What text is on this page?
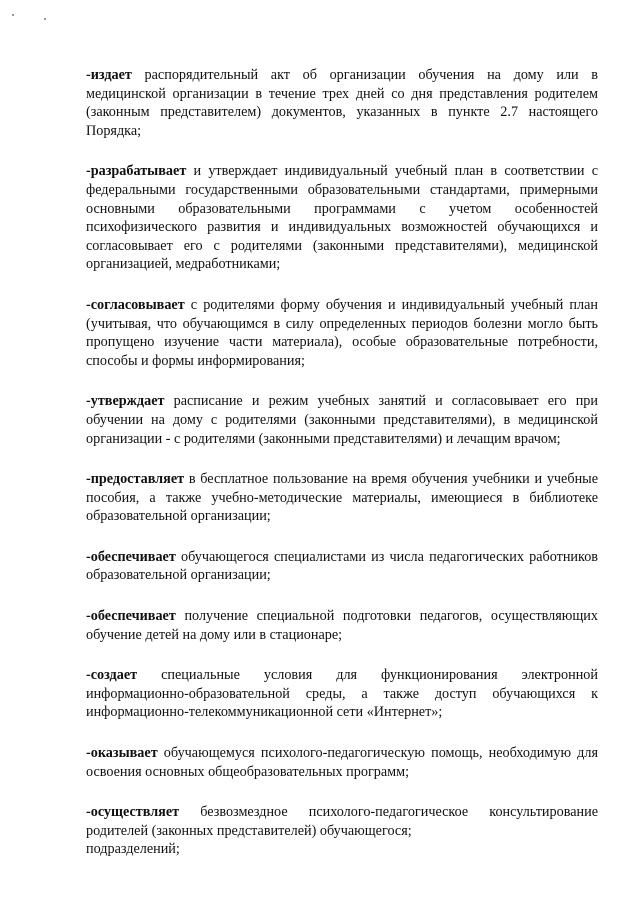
-издает распорядительный акт об организации обучения на дому или в медицинской организации в течение трех дней со дня представления родителем (законным представителем) документов, указанных в пункте 2.7 настоящего Порядка;

-разрабатывает и утверждает индивидуальный учебный план в соответствии с федеральными государственными образовательными стандартами, примерными основными образовательными программами с учетом особенностей психофизического развития и индивидуальных возможностей обучающихся и согласовывает его с родителями (законными представителями), медицинской организацией, медработниками;

-согласовывает с родителями форму обучения и индивидуальный учебный план (учитывая, что обучающимся в силу определенных периодов болезни могло быть пропущено изучение части материала), особые образовательные потребности, способы и формы информирования;

-утверждает расписание и режим учебных занятий и согласовывает его при обучении на дому с родителями (законными представителями), в медицинской организации - с родителями (законными представителями) и лечащим врачом;

-предоставляет в бесплатное пользование на время обучения учебники и учебные пособия, а также учебно-методические материалы, имеющиеся в библиотеке образовательной организации;

-обеспечивает обучающегося специалистами из числа педагогических работников образовательной организации;

-обеспечивает получение специальной подготовки педагогов, осуществляющих обучение детей на дому или в стационаре;

-создает специальные условия для функционирования электронной информационно-образовательной среды, а также доступ обучающихся к информационно-телекоммуникационной сети «Интернет»;

-оказывает обучающемуся психолого-педагогическую помощь, необходимую для освоения основных общеобразовательных программ;

-осуществляет безвозмездное психолого-педагогическое консультирование родителей (законных представителей) обучающегося;

подразделений;
